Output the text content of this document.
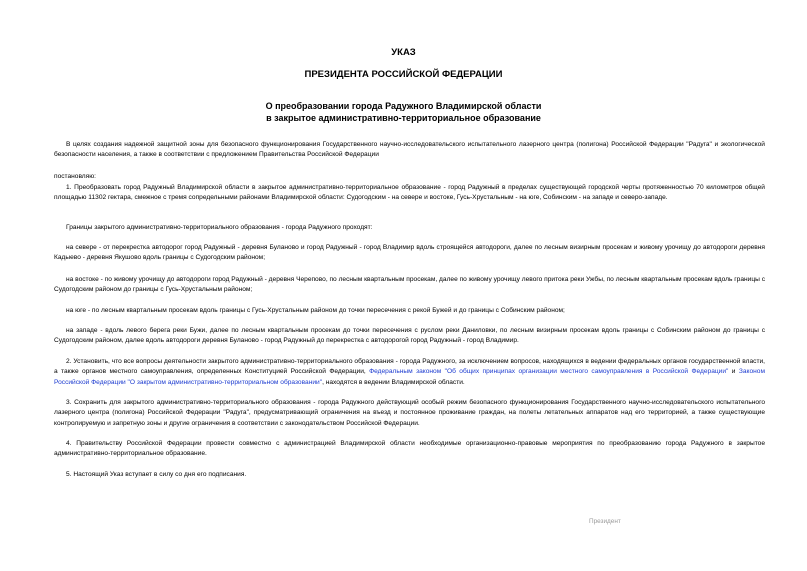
УКАЗ
ПРЕЗИДЕНТА РОССИЙСКОЙ ФЕДЕРАЦИИ
О преобразовании города Радужного Владимирской области
в закрытое административно-территориальное образование
В целях создания надежной защитной зоны для безопасного функционирования Государственного научно-исследовательского испытательного лазерного центра (полигона) Российской Федерации "Радуга" и экологической безопасности населения, а также в соответствии с предложением Правительства Российской Федерации
постановляю:
1. Преобразовать город Радужный Владимирской области в закрытое административно-территориальное образование - город Радужный в пределах существующей городской черты протяженностью 70 километров общей площадью 11302 гектара, смежное с тремя сопредельными районами Владимирской области: Судогодским - на севере и востоке, Гусь-Хрустальным - на юге, Собинским - на западе и северо-западе.
Границы закрытого административно-территориального образования - города Радужного проходят:
на севере - от перекрестка автодорог город Радужный - деревня Буланово и город Радужный - город Владимир вдоль строящейся автодороги, далее по лесным визирным просекам и живому урочищу до автодороги деревня Кадыево - деревня Якушово вдоль границы с Судогодским районом;
на востоке - по живому урочищу до автодороги город Радужный - деревня Черепово, по лесным квартальным просекам, далее по живому урочищу левого притока реки Ужбы, по лесным квартальным просекам вдоль границы с Судогодским районом до границы с Гусь-Хрустальным районом;
на юге - по лесным квартальным просекам вдоль границы с Гусь-Хрустальным районом до точки пересечения с рекой Бужей и до границы с Собинским районом;
на западе - вдоль левого берега реки Бужи, далее по лесным квартальным просекам до точки пересечения с руслом реки Даниловки, по лесным визирным просекам вдоль границы с Собинским районом до границы с Судогодским районом, далее вдоль автодороги деревня Буланово - город Радужный до перекрестка с автодорогой город Радужный - город Владимир.
2. Установить, что все вопросы деятельности закрытого административно-территориального образования - города Радужного, за исключением вопросов, находящихся в ведении федеральных органов государственной власти, а также органов местного самоуправления, определенных Конституцией Российской Федерации, Федеральным законом "Об общих принципах организации местного самоуправления в Российской Федерации" и Законом Российской Федерации "О закрытом административно-территориальном образовании", находятся в ведении Владимирской области.
3. Сохранить для закрытого административно-территориального образования - города Радужного действующий особый режим безопасного функционирования Государственного научно-исследовательского испытательного лазерного центра (полигона) Российской Федерации "Радуга", предусматривающий ограничения на въезд и постоянное проживание граждан, на полеты летательных аппаратов над его территорией, а также существующие контролируемую и запретную зоны и другие ограничения в соответствии с законодательством Российской Федерации.
4. Правительству Российской Федерации провести совместно с администрацией Владимирской области необходимые организационно-правовые мероприятия по преобразованию города Радужного в закрытое административно-территориальное образование.
5. Настоящий Указ вступает в силу со дня его подписания.
Президент
